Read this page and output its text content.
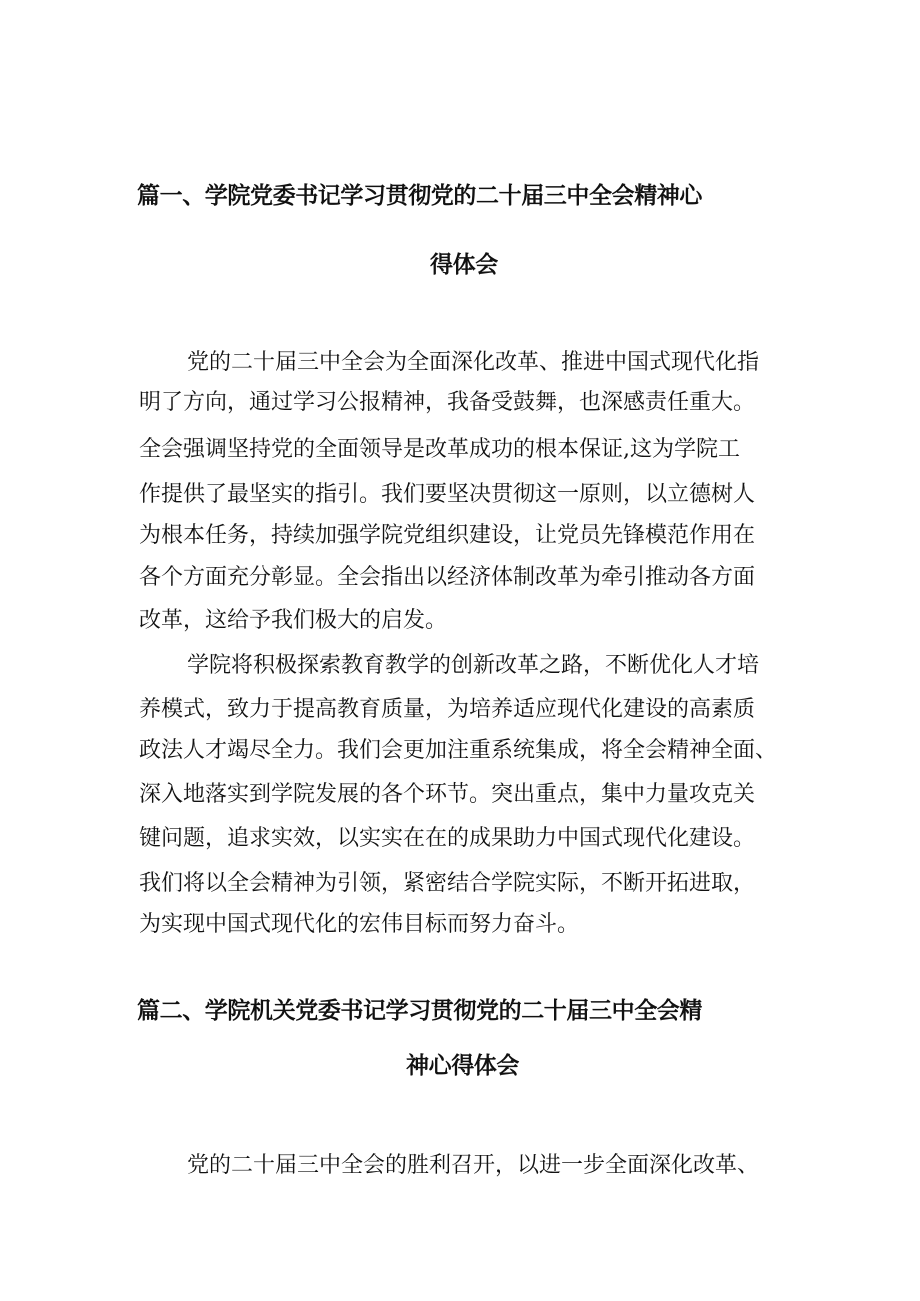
篇一、学院党委书记学习贯彻党的二十届三中全会精神心
得体会
党的二十届三中全会为全面深化改革、推进中国式现代化指
明了方向，通过学习公报精神，我备受鼓舞，也深感责任重大。
全会强调坚持党的全面领导是改革成功的根本保证,这为学院工
作提供了最坚实的指引。我们要坚决贯彻这一原则，以立德树人
为根本任务，持续加强学院党组织建设，让党员先锋模范作用在
各个方面充分彰显。全会指出以经济体制改革为牵引推动各方面
改革，这给予我们极大的启发。
学院将积极探索教育教学的创新改革之路，不断优化人才培
养模式，致力于提高教育质量，为培养适应现代化建设的高素质
政法人才竭尽全力。我们会更加注重系统集成，将全会精神全面、
深入地落实到学院发展的各个环节。突出重点，集中力量攻克关
键问题，追求实效，以实实在在的成果助力中国式现代化建设。
我们将以全会精神为引领，紧密结合学院实际，不断开拓进取，
为实现中国式现代化的宏伟目标而努力奋斗。
篇二、学院机关党委书记学习贯彻党的二十届三中全会精
神心得体会
党的二十届三中全会的胜利召开，以进一步全面深化改革、
